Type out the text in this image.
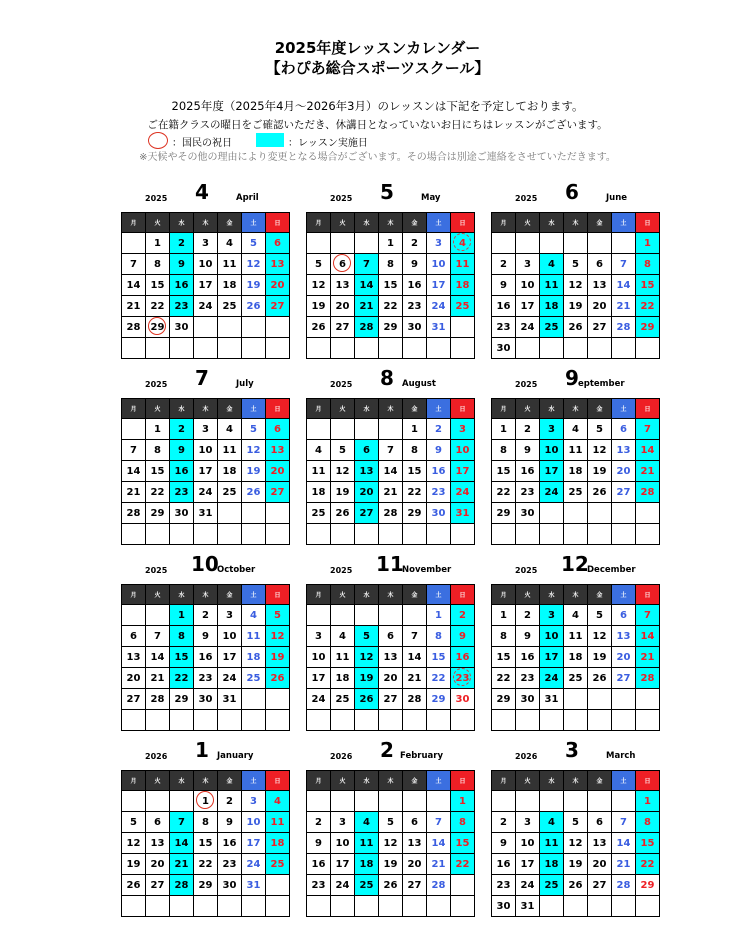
2025年度レッスンカレンダー
【わぴあ総合スポーツスクール】
2025年度（2025年4月～2026年3月）のレッスンは下記を予定しております。
ご在籍クラスの曜日をご確認いただき、休講日となっていないお日にちはレッスンがございます。
：国民の祝日	：レッスン実施日
※天候やその他の理由により変更となる場合がございます。その場合は別途ご連絡をさせていただきます。
2025 4	April
月	火	水	木	金	土	日
	1	2	3	4	5	6
7	8	9	10	11	12	13
14	15	16	17	18	19	20
21	22	23	24	25	26	27
28	29	30				

2025 5	May
月	火	水	木	金	土	日
			1	2	3	4

5	6	7	8	9	10	11
12	13	14	15	16	17	18
19	20	21	22	23	24	25
26	27	28	29	30	31	

2025 6	June
月	火	水	木	金	土	日
						1
2	3	4	5	6	7	8
9	10	11	12	13	14	15
16	17	18	19	20	21	22
23	24	25	26	27	28	29
30						
2025 7	July
月	火	水	木	金	土	日
	1	2	3	4	5	6
7	8	9	10	11	12	13
14	15	16	17	18	19	20
21	22	23	24	25	26	27
28	29	30	31			

2025 8 August
月	火	水	木	金	土	日
				1	2	3
4	5	6	7	8	9	10
11	12	13	14	15	16	17
18	19	20	21	22	23	24
25	26	27	28	29	30	31

2025 9 eptember
月	火	水	木	金	土	日
1	2	3	4	5	6	7
8	9	10	11	12	13	14
15	16	17	18	19	20	21
22	23	24	25	26	27	28
29	30					

2025 10
October
月	火	水	木	金	土	日
		1	2	3	4	5
6	7	8	9	10	11	12
13	14	15	16	17	18	19
20	21	22	23	24	25	26
27	28	29	30	31		

2025 11
November
月	火	水	木	金	土	日
					1	2
3	4	5	6	7	8	9
10	11	12	13	14	15	16
17	18	19	20	21	22	23

24	25	26	27	28	29	30

2025 12
December
月	火	水	木	金	土	日
1	2	3	4	5	6	7
8	9	10	11	12	13	14
15	16	17	18	19	20	21
22	23	24	25	26	27	28
29	30	31				

2026 1 January
月	火	水	木	金	土	日
			1	2	3	4
5	6	7	8	9	10	11
12	13	14	15	16	17	18
19	20	21	22	23	24	25
26	27	28	29	30	31	

2026 2 February
月	火	水	木	金	土	日
						1
2	3	4	5	6	7	8
9	10	11	12	13	14	15
16	17	18	19	20	21	22
23	24	25	26	27	28	

2026 3	March
月	火	水	木	金	土	日
						1
2	3	4	5	6	7	8
9	10	11	12	13	14	15
16	17	18	19	20	21	22
23	24	25	26	27	28	29
30	31					
